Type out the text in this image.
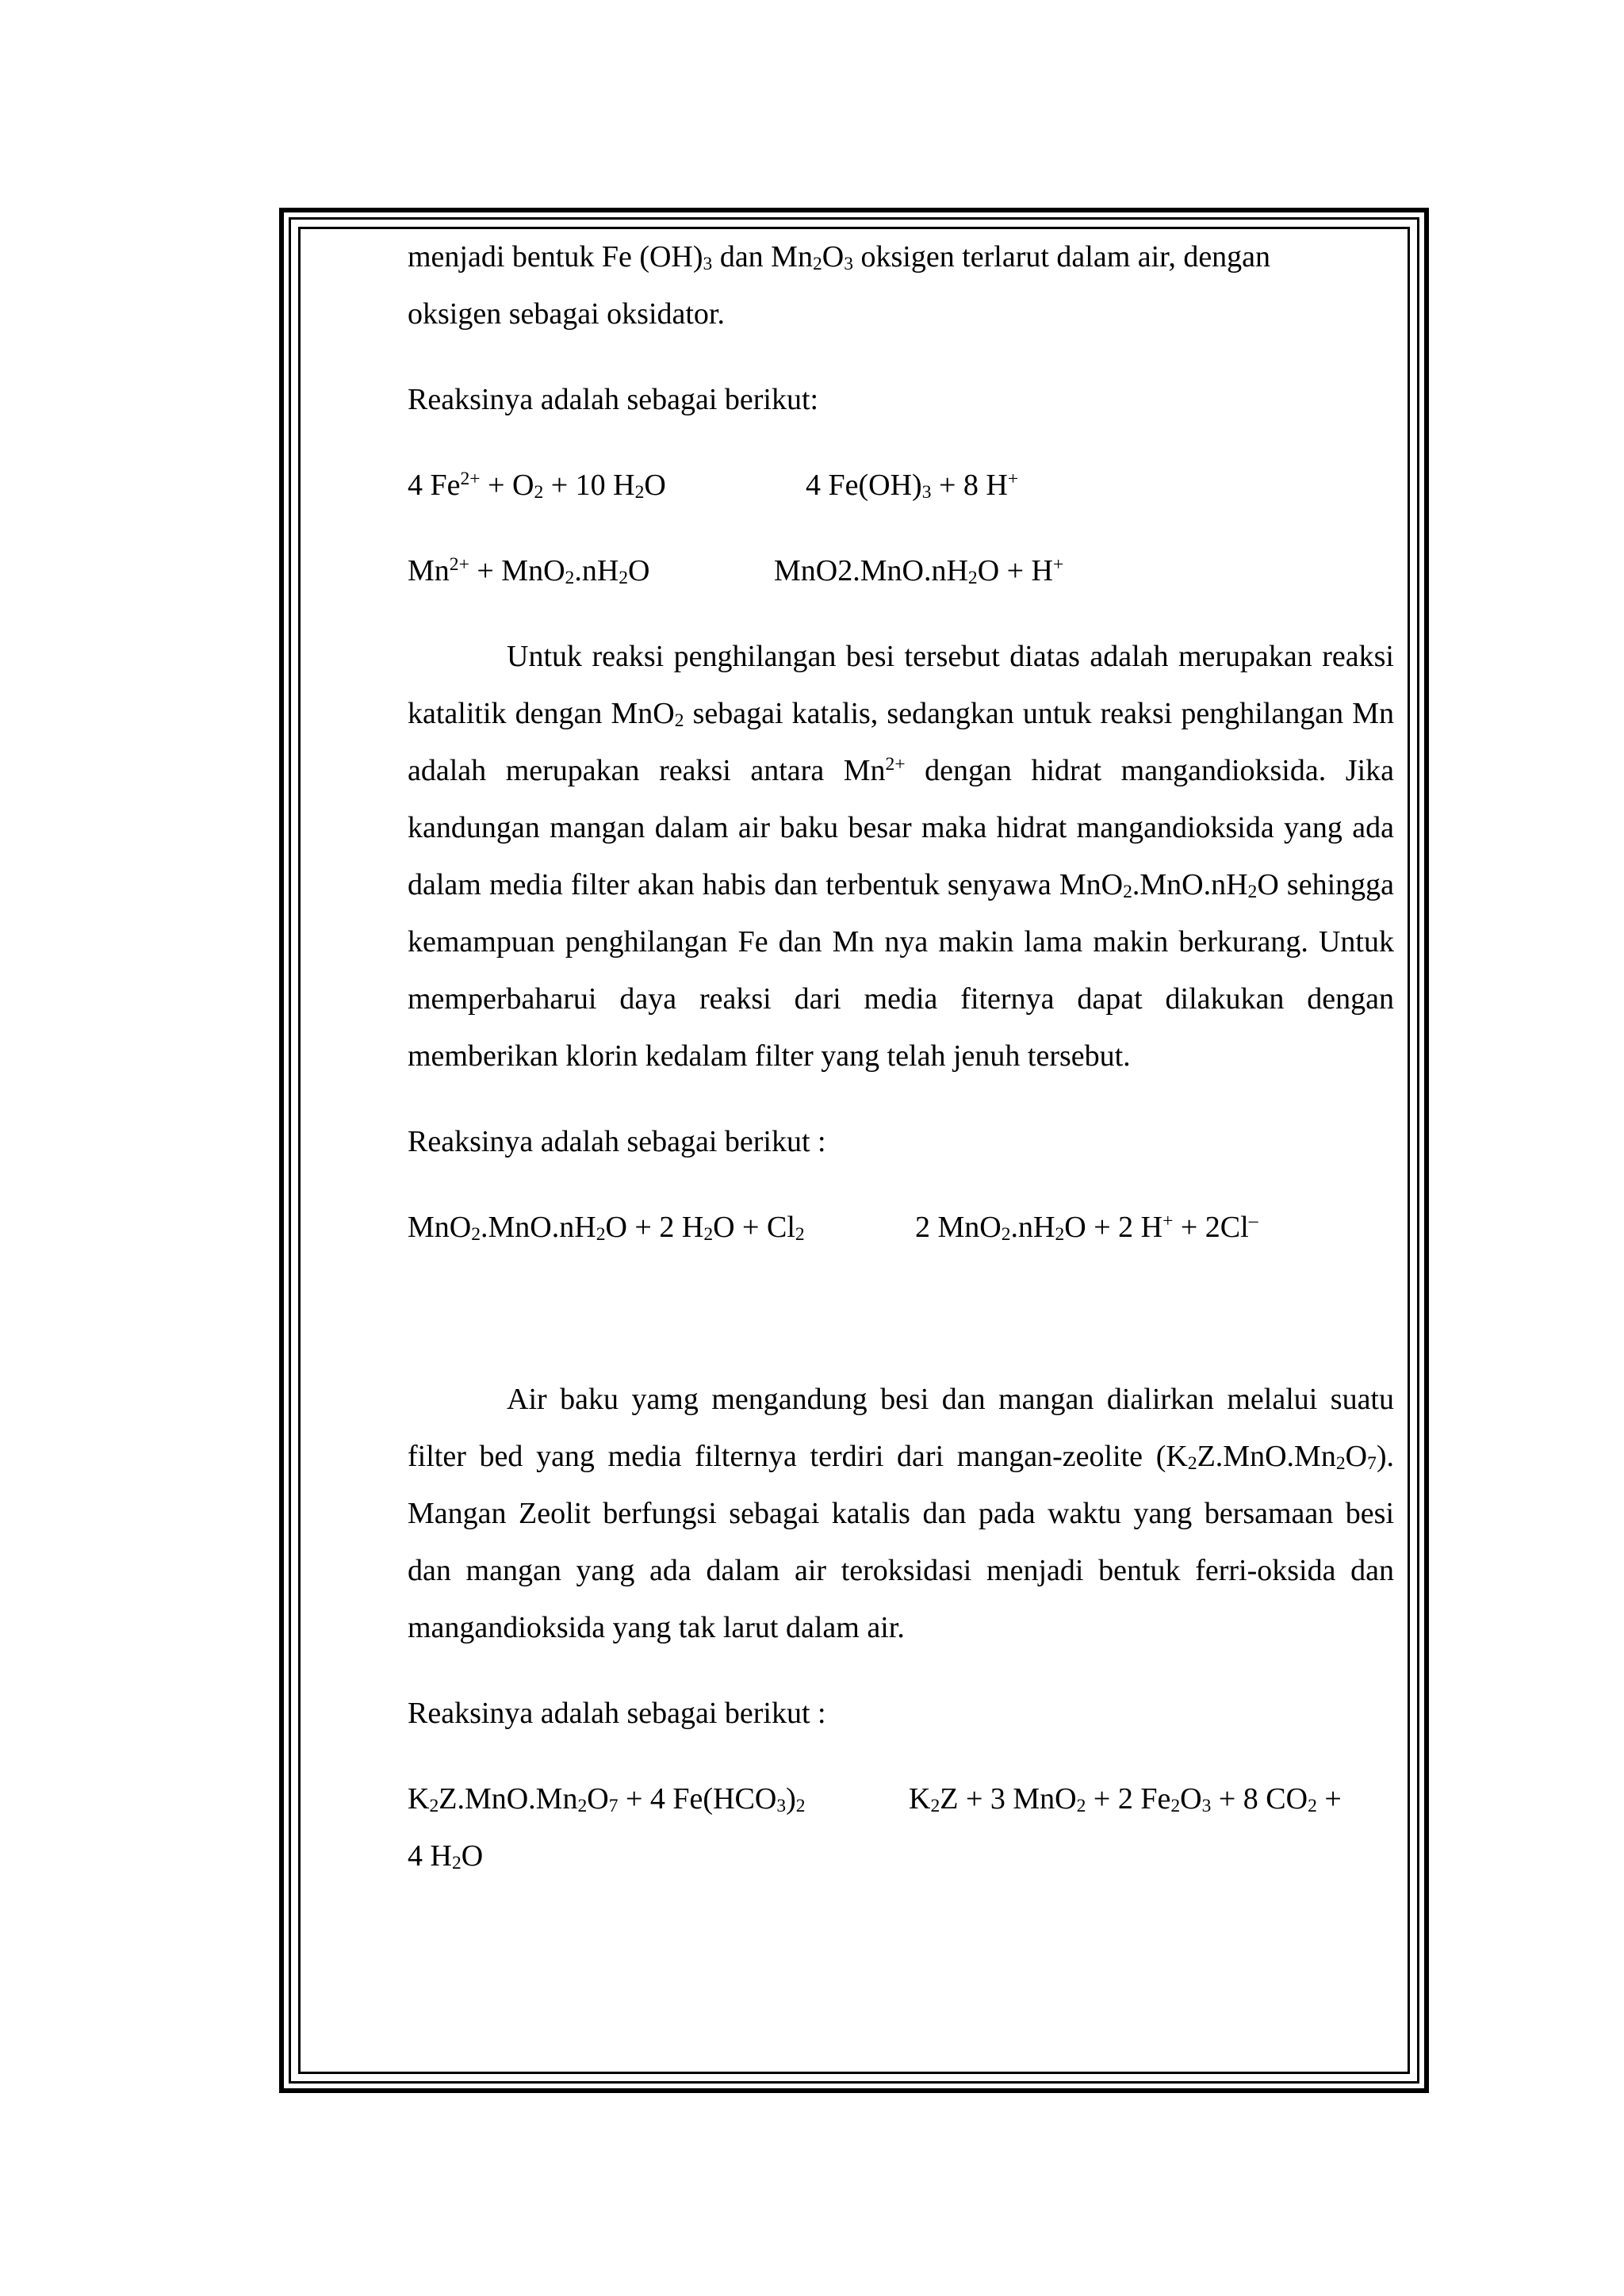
menjadi bentuk Fe $(OH)_3$ dan $Mn_2O_3$ oksigen terlarut dalam air, dengan

oksigen sebagai oksidator.

Reaksinya adalah sebagai berikut:

4 $Fe^{2+} + O_2 + 10$ $H_2O$	4 $Fe(OH)_3 + 8$ H+
$Mn^{2+} + MnO_2.nH_2O$	$MnO2.MnO.nH_2O + H^+$

Untuk reaksi penghilangan besi tersebut diatas adalah merupakan reaksi katalitik dengan MnO$_2$ sebagai katalis, sedangkan untuk reaksi penghilangan Mn adalah merupakan reaksi antara $Mn^{2+}$ dengan hidrat mangandioksida. Jika kandungan mangan dalam air baku besar maka hidrat mangandioksida yang ada dalam media filter akan habis dan terbentuk senyawa $MnO_2.MnO.nH_2O$ sehingga kemampuan penghilangan Fe dan Mn nya makin lama makin berkurang. Untuk memperbaharui daya reaksi dari media fiternya dapat dilakukan dengan memberikan klorin kedalam filter yang telah jenuh tersebut.

Reaksinya adalah sebagai berikut :

$MnO_2.MnO.nH_2O + 2$ $H_2O + Cl_2$	2 $MnO_2.nH_2O + 2$ H+ + 2Cl–

Air baku yamg mengandung besi dan mangan dialirkan melalui suatu filter bed yang media filternya terdiri dari mangan-zeolite $(K_2Z.MnO.Mn_2O_7)$. Mangan Zeolit berfungsi sebagai katalis dan pada waktu yang bersamaan besi dan mangan yang ada dalam air teroksidasi menjadi bentuk ferri-oksida dan mangandioksida yang tak larut dalam air.

Reaksinya adalah sebagai berikut :

$K_2Z.MnO.Mn_2O_7 + 4$ $Fe(HCO_3)_2$	$K_2Z + 3$ MnO$_2$ + 2 $Fe_2O_3 + 8$ $CO_2$ +
4 $H_2O$
